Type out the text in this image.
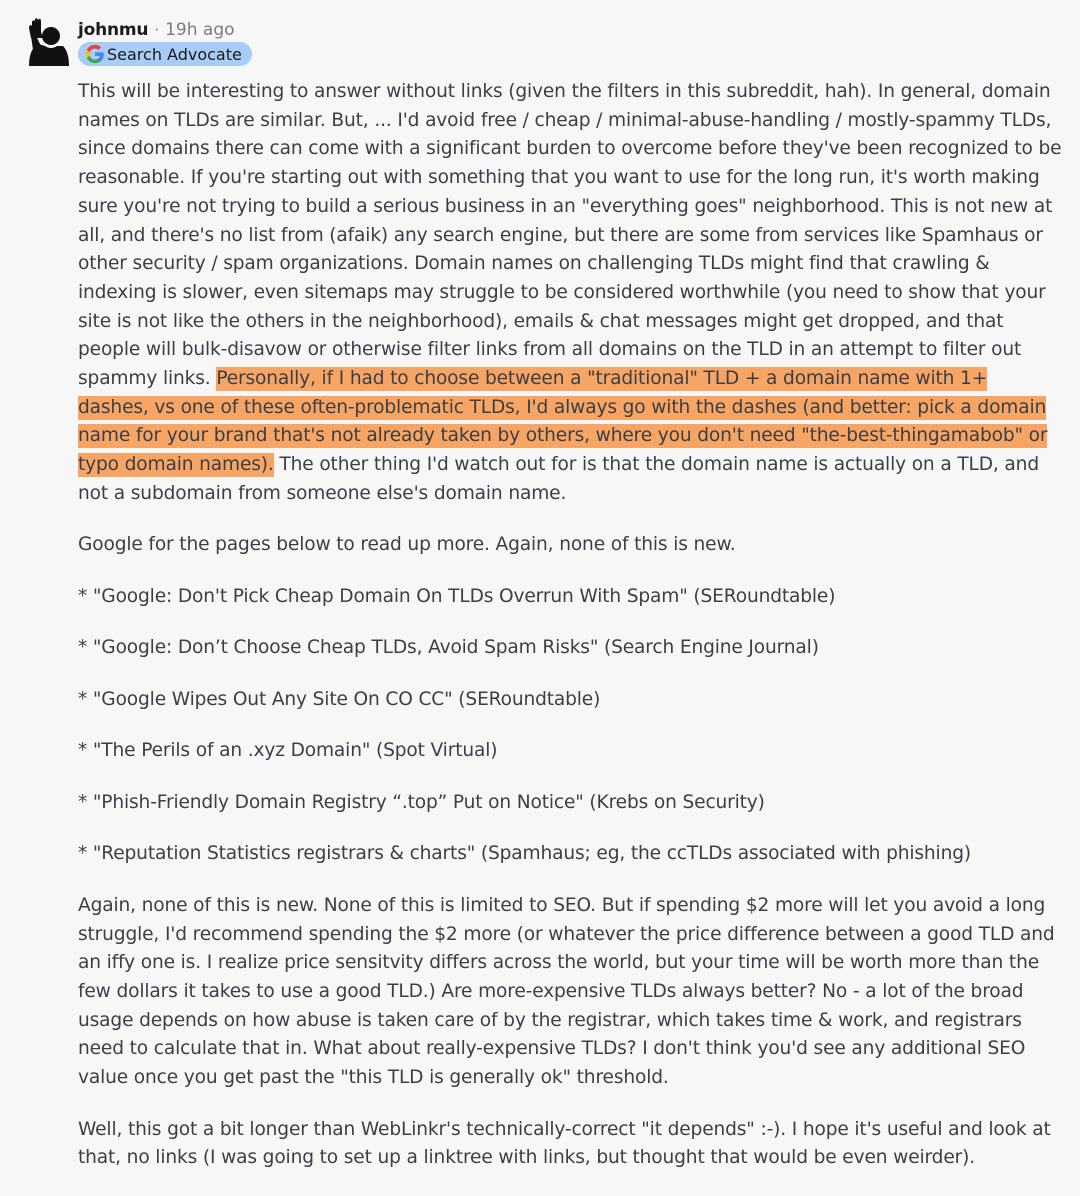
johnmu · 19h ago
Search Advocate

This will be interesting to answer without links (given the filters in this subreddit, hah). In general, domain names on TLDs are similar. But, ... I'd avoid free / cheap / minimal-abuse-handling / mostly-spammy TLDs, since domains there can come with a significant burden to overcome before they've been recognized to be reasonable. If you're starting out with something that you want to use for the long run, it's worth making sure you're not trying to build a serious business in an "everything goes" neighborhood. This is not new at all, and there's no list from (afaik) any search engine, but there are some from services like Spamhaus or other security / spam organizations. Domain names on challenging TLDs might find that crawling & indexing is slower, even sitemaps may struggle to be considered worthwhile (you need to show that your site is not like the others in the neighborhood), emails & chat messages might get dropped, and that people will bulk-disavow or otherwise filter links from all domains on the TLD in an attempt to filter out spammy links. Personally, if I had to choose between a "traditional" TLD + a domain name with 1+ dashes, vs one of these often-problematic TLDs, I'd always go with the dashes (and better: pick a domain name for your brand that's not already taken by others, where you don't need "the-best-thingamabob" or typo domain names). The other thing I'd watch out for is that the domain name is actually on a TLD, and not a subdomain from someone else's domain name.

Google for the pages below to read up more. Again, none of this is new.

* "Google: Don't Pick Cheap Domain On TLDs Overrun With Spam" (SERoundtable)
* "Google: Don’t Choose Cheap TLDs, Avoid Spam Risks" (Search Engine Journal)
* "Google Wipes Out Any Site On CO CC" (SERoundtable)
* "The Perils of an .xyz Domain" (Spot Virtual)
* "Phish-Friendly Domain Registry “.top” Put on Notice" (Krebs on Security)
* "Reputation Statistics registrars & charts" (Spamhaus; eg, the ccTLDs associated with phishing)

Again, none of this is new. None of this is limited to SEO. But if spending $2 more will let you avoid a long struggle, I'd recommend spending the $2 more (or whatever the price difference between a good TLD and an iffy one is. I realize price sensitvity differs across the world, but your time will be worth more than the few dollars it takes to use a good TLD.) Are more-expensive TLDs always better? No - a lot of the broad usage depends on how abuse is taken care of by the registrar, which takes time & work, and registrars need to calculate that in. What about really-expensive TLDs? I don't think you'd see any additional SEO value once you get past the "this TLD is generally ok" threshold.

Well, this got a bit longer than WebLinkr's technically-correct "it depends" :-). I hope it's useful and look at that, no links (I was going to set up a linktree with links, but thought that would be even weirder).
